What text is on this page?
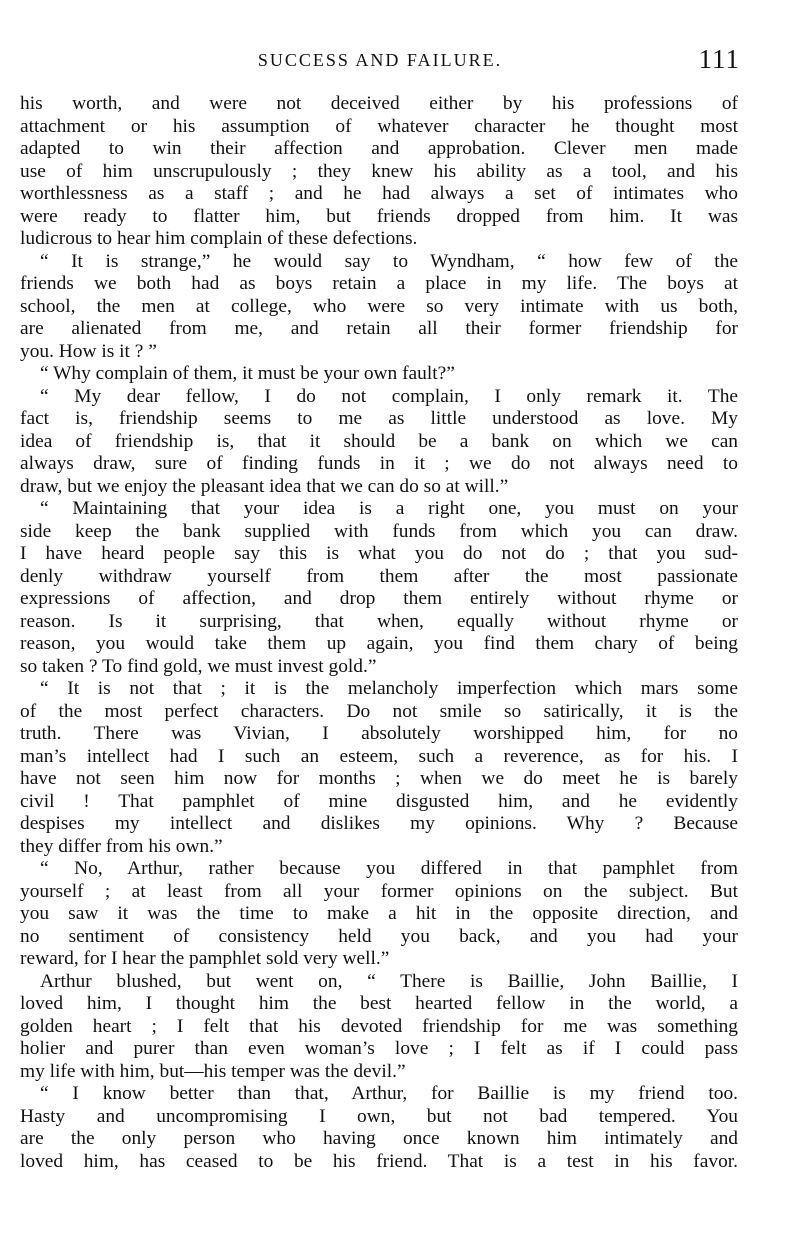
SUCCESS AND FAILURE.	111
his worth, and were not deceived either by his professions of
attachment or his assumption of whatever character he thought most
adapted to win their affection and approbation. Clever men made
use of him unscrupulously ; they knew his ability as a tool, and his
worthlessness as a staff ; and he had always a set of intimates who
were ready to flatter him, but friends dropped from him. It was
ludicrous to hear him complain of these defections.
“ It is strange,” he would say to Wyndham, “ how few of the
friends we both had as boys retain a place in my life. The boys at
school, the men at college, who were so very intimate with us both,
are alienated from me, and retain all their former friendship for
you. How is it ? ”
“ Why complain of them, it must be your own fault?”
“ My dear fellow, I do not complain, I only remark it. The
fact is, friendship seems to me as little understood as love. My
idea of friendship is, that it should be a bank on which we can
always draw, sure of finding funds in it ; we do not always need to
draw, but we enjoy the pleasant idea that we can do so at will.”
“ Maintaining that your idea is a right one, you must on your
side keep the bank supplied with funds from which you can draw.
I have heard people say this is what you do not do ; that you sud-
denly withdraw yourself from them after the most passionate
expressions of affection, and drop them entirely without rhyme or
reason. Is it surprising, that when, equally without rhyme or
reason, you would take them up again, you find them chary of being
so taken ? To find gold, we must invest gold.”
“ It is not that ; it is the melancholy imperfection which mars some
of the most perfect characters. Do not smile so satirically, it is the
truth. There was Vivian, I absolutely worshipped him, for no
man’s intellect had I such an esteem, such a reverence, as for his. I
have not seen him now for months ; when we do meet he is barely
civil ! That pamphlet of mine disgusted him, and he evidently
despises my intellect and dislikes my opinions. Why ? Because
they differ from his own.”
“ No, Arthur, rather because you differed in that pamphlet from
yourself ; at least from all your former opinions on the subject. But
you saw it was the time to make a hit in the opposite direction, and
no sentiment of consistency held you back, and you had your
reward, for I hear the pamphlet sold very well.”
Arthur blushed, but went on, “ There is Baillie, John Baillie, I
loved him, I thought him the best hearted fellow in the world, a
golden heart ; I felt that his devoted friendship for me was something
holier and purer than even woman’s love ; I felt as if I could pass
my life with him, but—his temper was the devil.”
“ I know better than that, Arthur, for Baillie is my friend too.
Hasty and uncompromising I own, but not bad tempered. You
are the only person who having once known him intimately and
loved him, has ceased to be his friend. That is a test in his favor.
